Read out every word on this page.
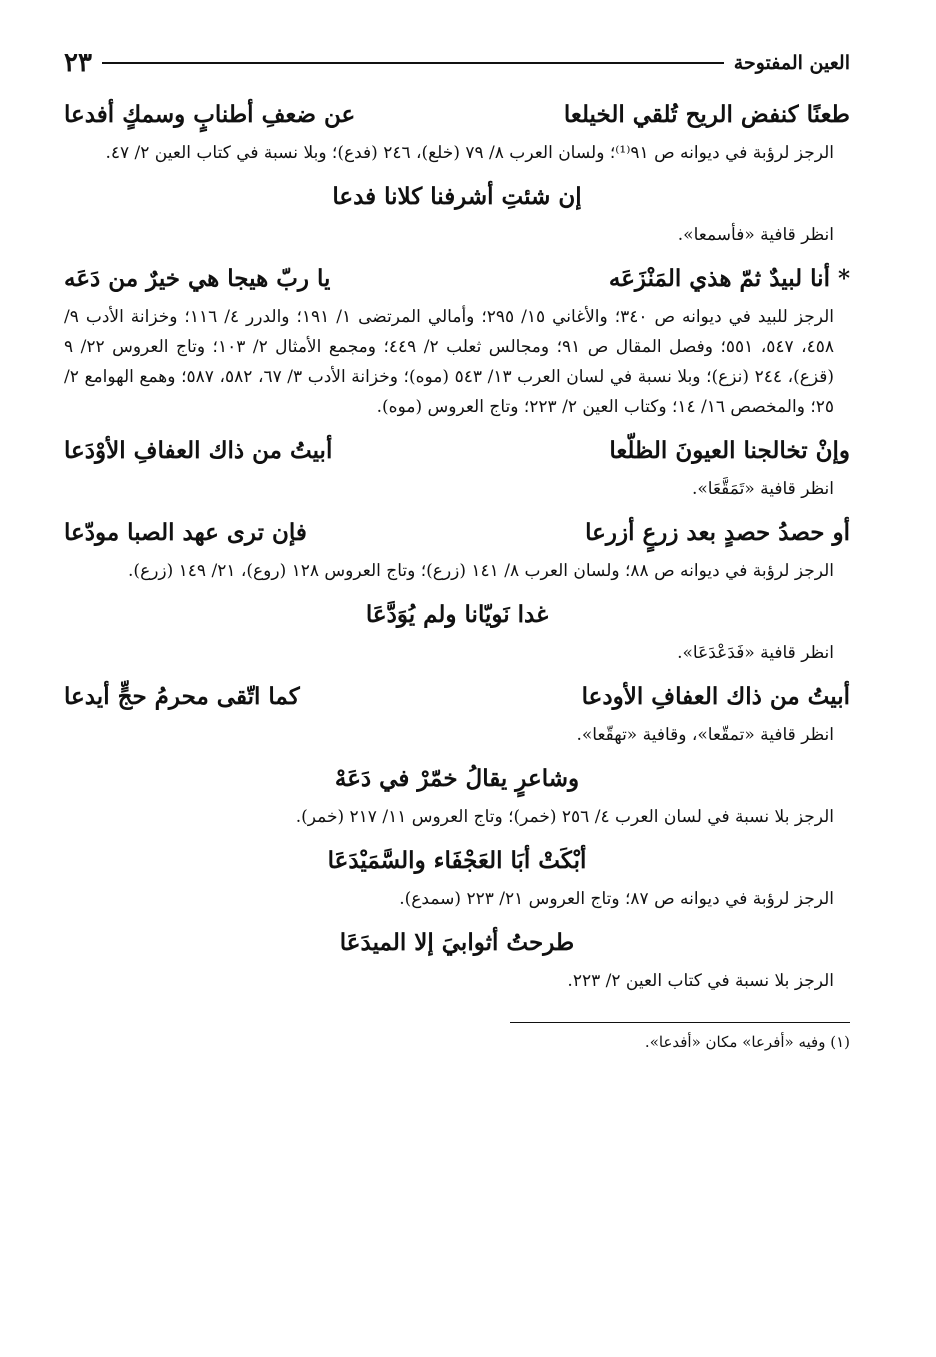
العين المفتوحة
٢٣
طعنًا كنفض الريح تُلقي الخيلعا
عن ضعفِ أطنابٍ وسمكٍ أفدعا

الرجز لرؤبة في ديوانه ص ٩١⁽¹⁾؛ ولسان العرب ٨/ ٧٩ (خلع)، ٢٤٦ (فدع)؛ وبلا نسبة في كتاب العين ٢/ ٤٧.

إن شئتِ أشرفنا كلانا فدعا

انظر قافية «فأسمعا».

* أنا لبيدٌ ثمّ هذي المَنْزَعَه
يا ربّ هيجا هي خيرٌ من دَعَه

الرجز للبيد في ديوانه ص ٣٤٠؛ والأغاني ١٥/ ٢٩٥؛ وأمالي المرتضى ١/ ١٩١؛ والدرر ٤/ ١١٦؛ وخزانة الأدب ٩/ ٤٥٨، ٥٤٧، ٥٥١؛ وفصل المقال ص ٩١؛ ومجالس ثعلب ٢/ ٤٤٩؛ ومجمع الأمثال ٢/ ١٠٣؛ وتاج العروس ٢٢/ ٩ (قزع)، ٢٤٤ (نزع)؛ وبلا نسبة في لسان العرب ١٣/ ٥٤٣ (موه)؛ وخزانة الأدب ٣/ ٦٧، ٥٨٢، ٥٨٧؛ وهمع الهوامع ٢/ ٢٥؛ والمخصص ١٦/ ١٤؛ وكتاب العين ٢/ ٢٢٣؛ وتاج العروس (موه).

وإنْ تخالجنا العيونَ الظلّعا
أبيتُ من ذاك العفافِ الأوْدَعا

انظر قافية «تَمَقَّعَا».

أو حصدُ حصدٍ بعد زرعٍ أزرعا
فإن ترى عهد الصبا مودّعا

الرجز لرؤبة في ديوانه ص ٨٨؛ ولسان العرب ٨/ ١٤١ (زرع)؛ وتاج العروس ١٢٨ (روع)، ٢١/ ١٤٩ (زرع).

غدا نَويّانا ولم يُوَدَّعَا

انظر قافية «فَدَعْدَعَا».

أبيتُ من ذاك العفافِ الأودعا
كما اتّقى محرمُ حجٍّ أيدعا

انظر قافية «تمقّعا»، وقافية «تهقّعا».

وشاعرٍ يقالُ خمّرْ في دَعَهْ

الرجز بلا نسبة في لسان العرب ٤/ ٢٥٦ (خمر)؛ وتاج العروس ١١/ ٢١٧ (خمر).

أبْكَتْ أبَا العَجْفَاء والسَّمَيْدَعَا

الرجز لرؤبة في ديوانه ص ٨٧؛ وتاج العروس ٢١/ ٢٢٣ (سمدع).

طرحتُ أثوابيَ إلا الميدَعَا

الرجز بلا نسبة في كتاب العين ٢/ ٢٢٣.

(١) وفيه «أفرعا» مكان «أفدعا».
